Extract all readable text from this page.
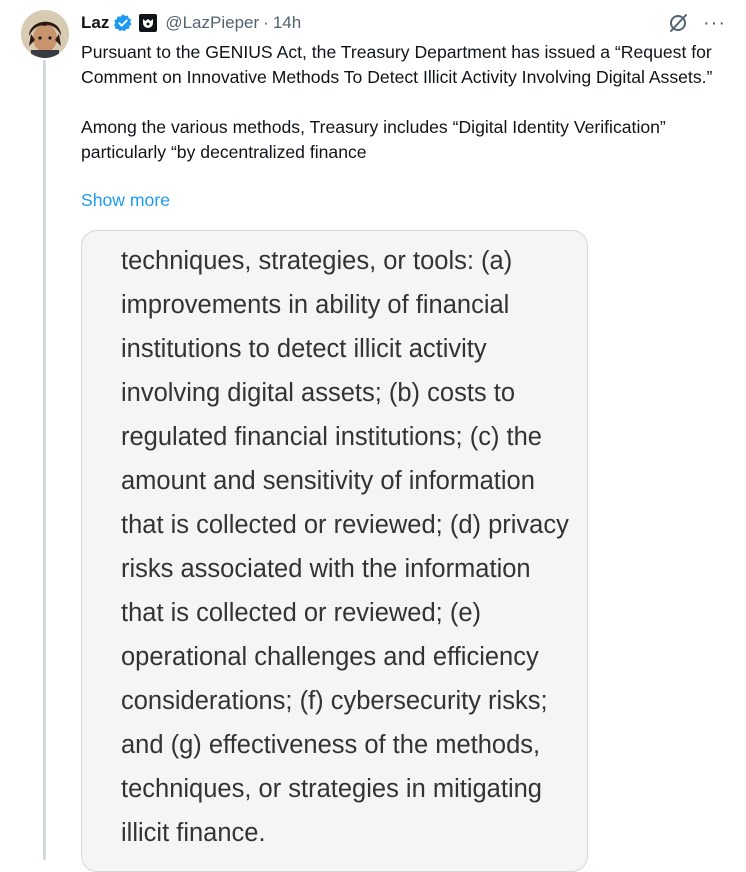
Laz	@LazPieper · 14h	···

Pursuant to the GENIUS Act, the Treasury Department has issued a “Request for Comment on Innovative Methods To Detect Illicit Activity Involving Digital Assets.”

Among the various methods, Treasury includes “Digital Identity Verification” particularly “by decentralized finance

Show more
techniques, strategies, or tools: (a)
improvements in ability of financial
institutions to detect illicit activity
involving digital assets; (b) costs to
regulated financial institutions; (c) the
amount and sensitivity of information
that is collected or reviewed; (d) privacy
risks associated with the information
that is collected or reviewed; (e)
operational challenges and efficiency
considerations; (f) cybersecurity risks;
and (g) effectiveness of the methods,
techniques, or strategies in mitigating
illicit finance.
